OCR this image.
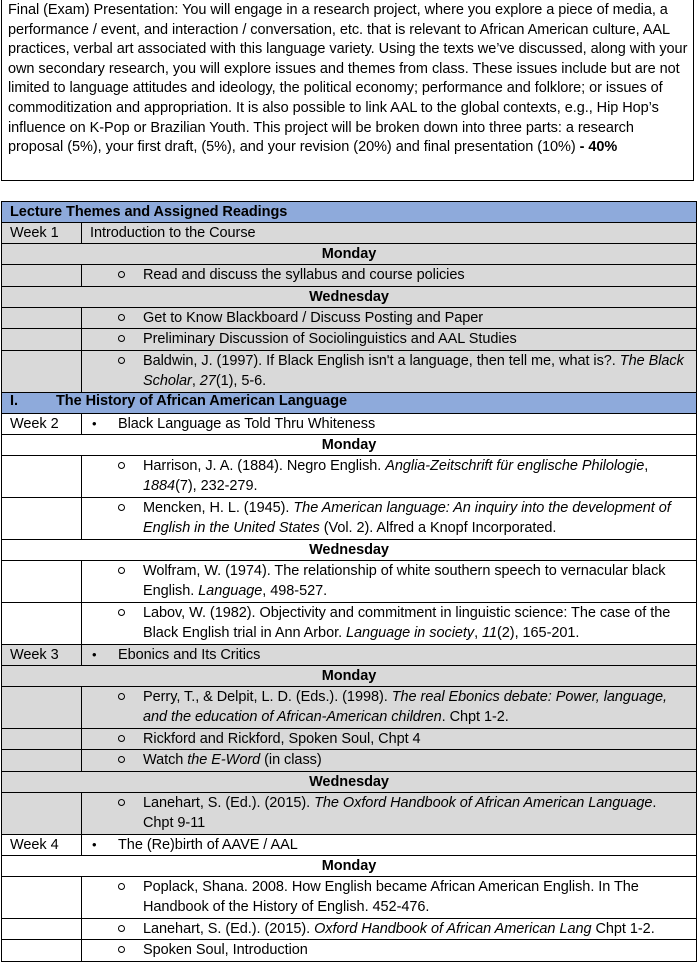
Final (Exam) Presentation: You will engage in a research project, where you explore a piece of media, a performance / event, and interaction / conversation, etc. that is relevant to African American culture, AAL practices, verbal art associated with this language variety. Using the texts we’ve discussed, along with your own secondary research, you will explore issues and themes from class. These issues include but are not limited to language attitudes and ideology, the political economy; performance and folklore; or issues of commoditization and appropriation. It is also possible to link AAL to the global contexts, e.g., Hip Hop’s influence on K-Pop or Brazilian Youth. This project will be broken down into three parts: a research proposal (5%), your first draft, (5%), and your revision (20%) and final presentation (10%) - 40%
Lecture Themes and Assigned Readings	
Week 1	Introduction to the Course
Monday	

Read and discuss the syllabus and course policies

Wednesday	

Get to Know Blackboard / Discuss Posting and Paper

Preliminary Discussion of Sociolinguistics and AAL Studies

Baldwin, J. (1997). If Black English isn't a language, then tell me, what is?. The Black Scholar, 27(1), 5-6.

I. The History of African American Language	
Week 2	• Black Language as Told Thru Whiteness
Monday	

Harrison, J. A. (1884). Negro English. Anglia-Zeitschrift für englische Philologie, 1884(7), 232-279.

Mencken, H. L. (1945). The American language: An inquiry into the development of English in the United States (Vol. 2). Alfred a Knopf Incorporated.

Wednesday	

Wolfram, W. (1974). The relationship of white southern speech to vernacular black English. Language, 498-527.

Labov, W. (1982). Objectivity and commitment in linguistic science: The case of the Black English trial in Ann Arbor. Language in society, 11(2), 165-201.

Week 3	• Ebonics and Its Critics
Monday	

Perry, T., & Delpit, L. D. (Eds.). (1998). The real Ebonics debate: Power, language, and the education of African-American children. Chpt 1-2.

Rickford and Rickford, Spoken Soul, Chpt 4

Watch the E-Word (in class)

Wednesday	

Lanehart, S. (Ed.). (2015). The Oxford Handbook of African American Language. Chpt 9-11

Week 4	• The (Re)birth of AAVE / AAL
Monday	

Poplack, Shana. 2008. How English became African American English. In The Handbook of the History of English. 452-476.

Lanehart, S. (Ed.). (2015). Oxford Handbook of African American Lang Chpt 1-2.

Spoken Soul, Introduction
